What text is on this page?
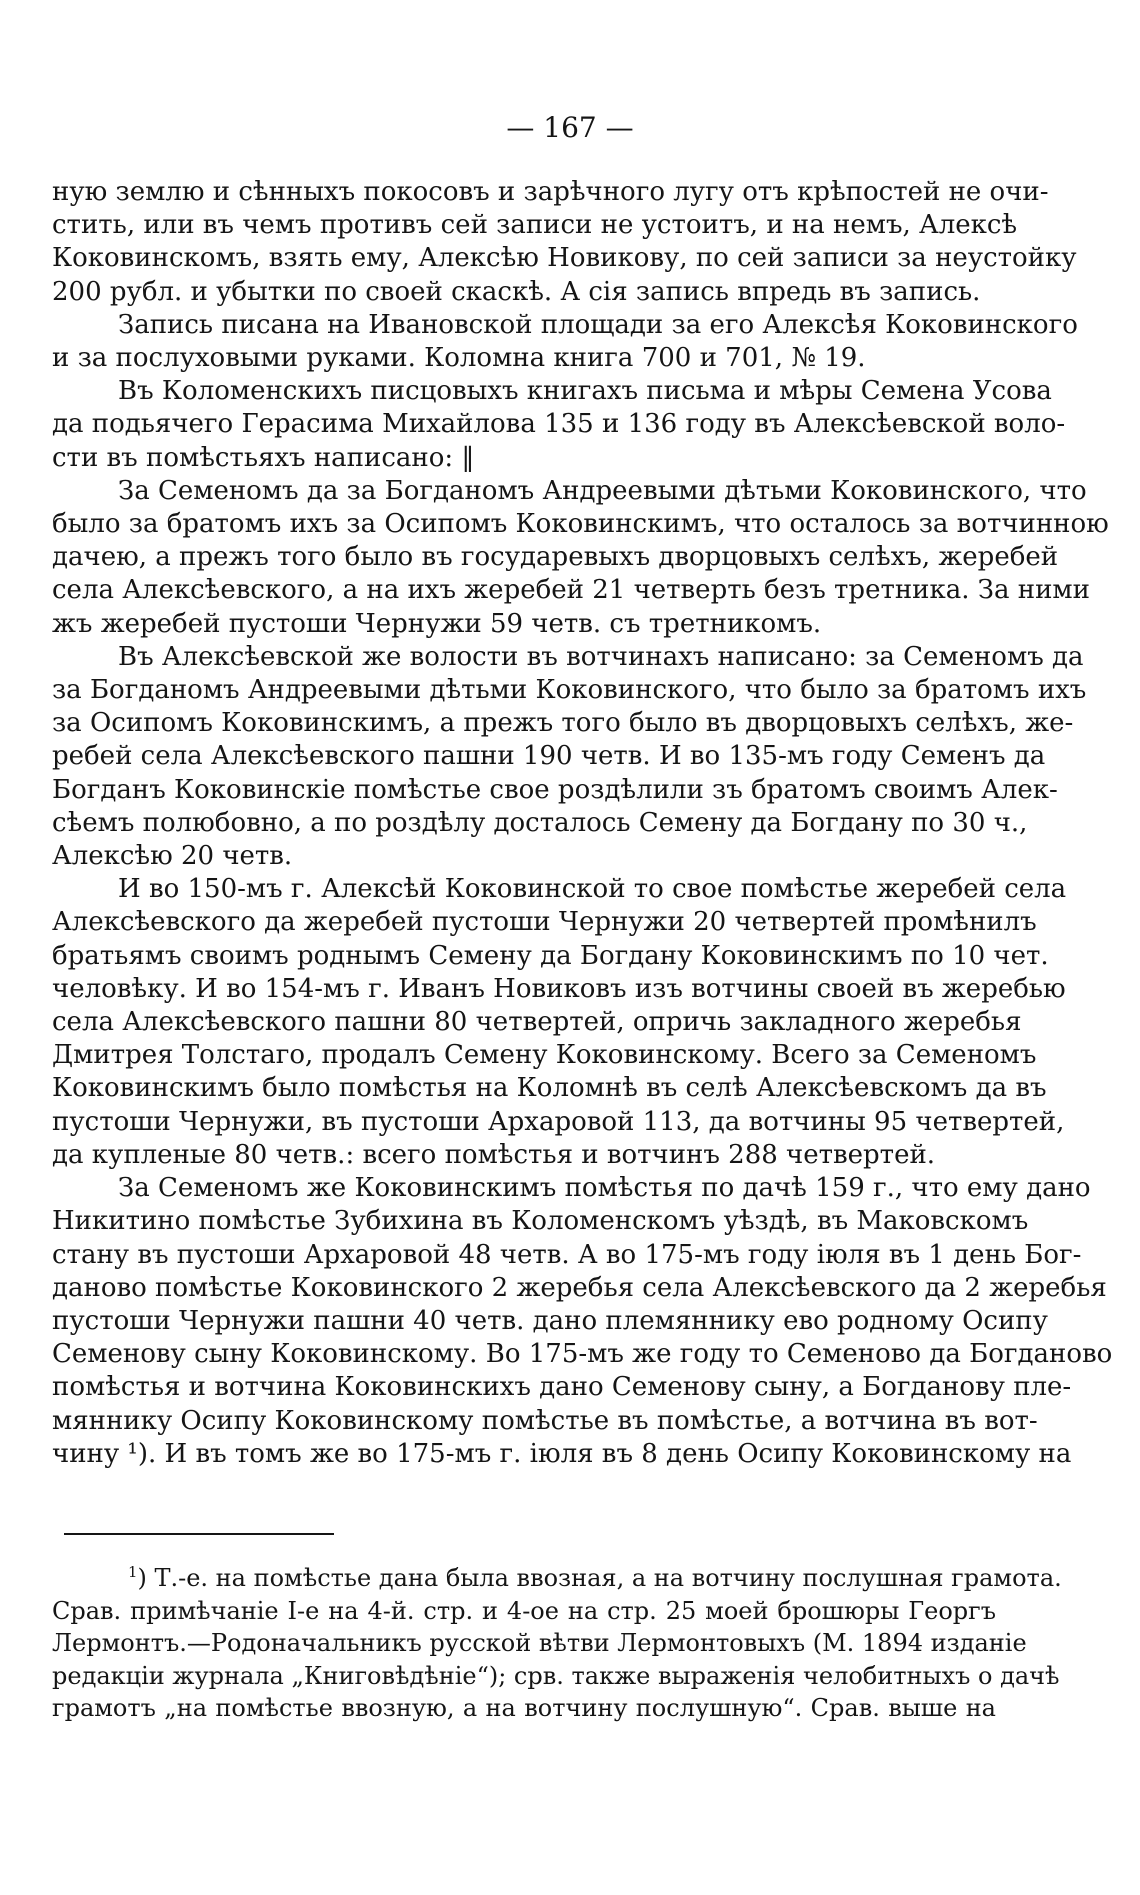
— 167 —
ную землю и сѣнныхъ покосовъ и зарѣчного лугу отъ крѣпостей не очи-
стить, или въ чемъ противъ сей записи не устоитъ, и на немъ, Алексѣ
Коковинскомъ, взять ему, Алексѣю Новикову, по сей записи за неустойку
200 рубл. и убытки по своей скаскѣ. А сія запись впредь въ запись.
Запись писана на Ивановской площади за его Алексѣя Коковинского
и за послуховыми руками. Коломна книга 700 и 701, № 19.
Въ Коломенскихъ писцовыхъ книгахъ письма и мѣры Семена Усова
да подьячего Герасима Михайлова 135 и 136 году въ Алексѣевской воло-
сти въ помѣстьяхъ написано: ‖
За Семеномъ да за Богданомъ Андреевыми дѣтьми Коковинского, что
было за братомъ ихъ за Осипомъ Коковинскимъ, что осталось за вотчинною
дачею, а прежъ того было въ государевыхъ дворцовыхъ селѣхъ, жеребей
села Алексѣевского, а на ихъ жеребей 21 четверть безъ третника. За ними
жъ жеребей пустоши Чернужи 59 четв. съ третникомъ.
Въ Алексѣевской же волости въ вотчинахъ написано: за Семеномъ да
за Богданомъ Андреевыми дѣтьми Коковинского, что было за братомъ ихъ
за Осипомъ Коковинскимъ, а прежъ того было въ дворцовыхъ селѣхъ, же-
ребей села Алексѣевского пашни 190 четв. И во 135-мъ году Семенъ да
Богданъ Коковинскіе помѣстье свое роздѣлили зъ братомъ своимъ Алек-
сѣемъ полюбовно, а по роздѣлу досталось Семену да Богдану по 30 ч.,
Алексѣю 20 четв.
И во 150-мъ г. Алексѣй Коковинской то свое помѣстье жеребей села
Алексѣевского да жеребей пустоши Чернужи 20 четвертей промѣнилъ
братьямъ своимъ роднымъ Семену да Богдану Коковинскимъ по 10 чет.
человѣку. И во 154-мъ г. Иванъ Новиковъ изъ вотчины своей въ жеребью
села Алексѣевского пашни 80 четвертей, опричь закладного жеребья
Дмитрея Толстаго, продалъ Семену Коковинскому. Всего за Семеномъ
Коковинскимъ было помѣстья на Коломнѣ въ селѣ Алексѣевскомъ да въ
пустоши Чернужи, въ пустоши Архаровой 113, да вотчины 95 четвертей,
да купленые 80 четв.: всего помѣстья и вотчинъ 288 четвертей.
За Семеномъ же Коковинскимъ помѣстья по дачѣ 159 г., что ему дано
Никитино помѣстье Зубихина въ Коломенскомъ уѣздѣ, въ Маковскомъ
стану въ пустоши Архаровой 48 четв. А во 175-мъ году іюля въ 1 день Бог-
даново помѣстье Коковинского 2 жеребья села Алексѣевского да 2 жеребья
пустоши Чернужи пашни 40 четв. дано племяннику ево родному Осипу
Семенову сыну Коковинскому. Во 175-мъ же году то Семеново да Богданово
помѣстья и вотчина Коковинскихъ дано Семенову сыну, а Богданову пле-
мяннику Осипу Коковинскому помѣстье въ помѣстье, а вотчина въ вот-
чину ¹). И въ томъ же во 175-мъ г. іюля въ 8 день Осипу Коковинскому на
$^1$) Т.-е. на помѣстье дана была ввозная, а на вотчину послушная грамота.
Срав. примѣчаніе I-е на 4-й. стр. и 4-ое на стр. 25 моей брошюры Георгъ
Лермонтъ.—Родоначальникъ русской вѣтви Лермонтовыхъ (М. 1894 изданіе
редакціи журнала „Книговѣдѣніе“); срв. также выраженія челобитныхъ о дачѣ
грамотъ „на помѣстье ввозную, а на вотчину послушную“. Срав. выше на
